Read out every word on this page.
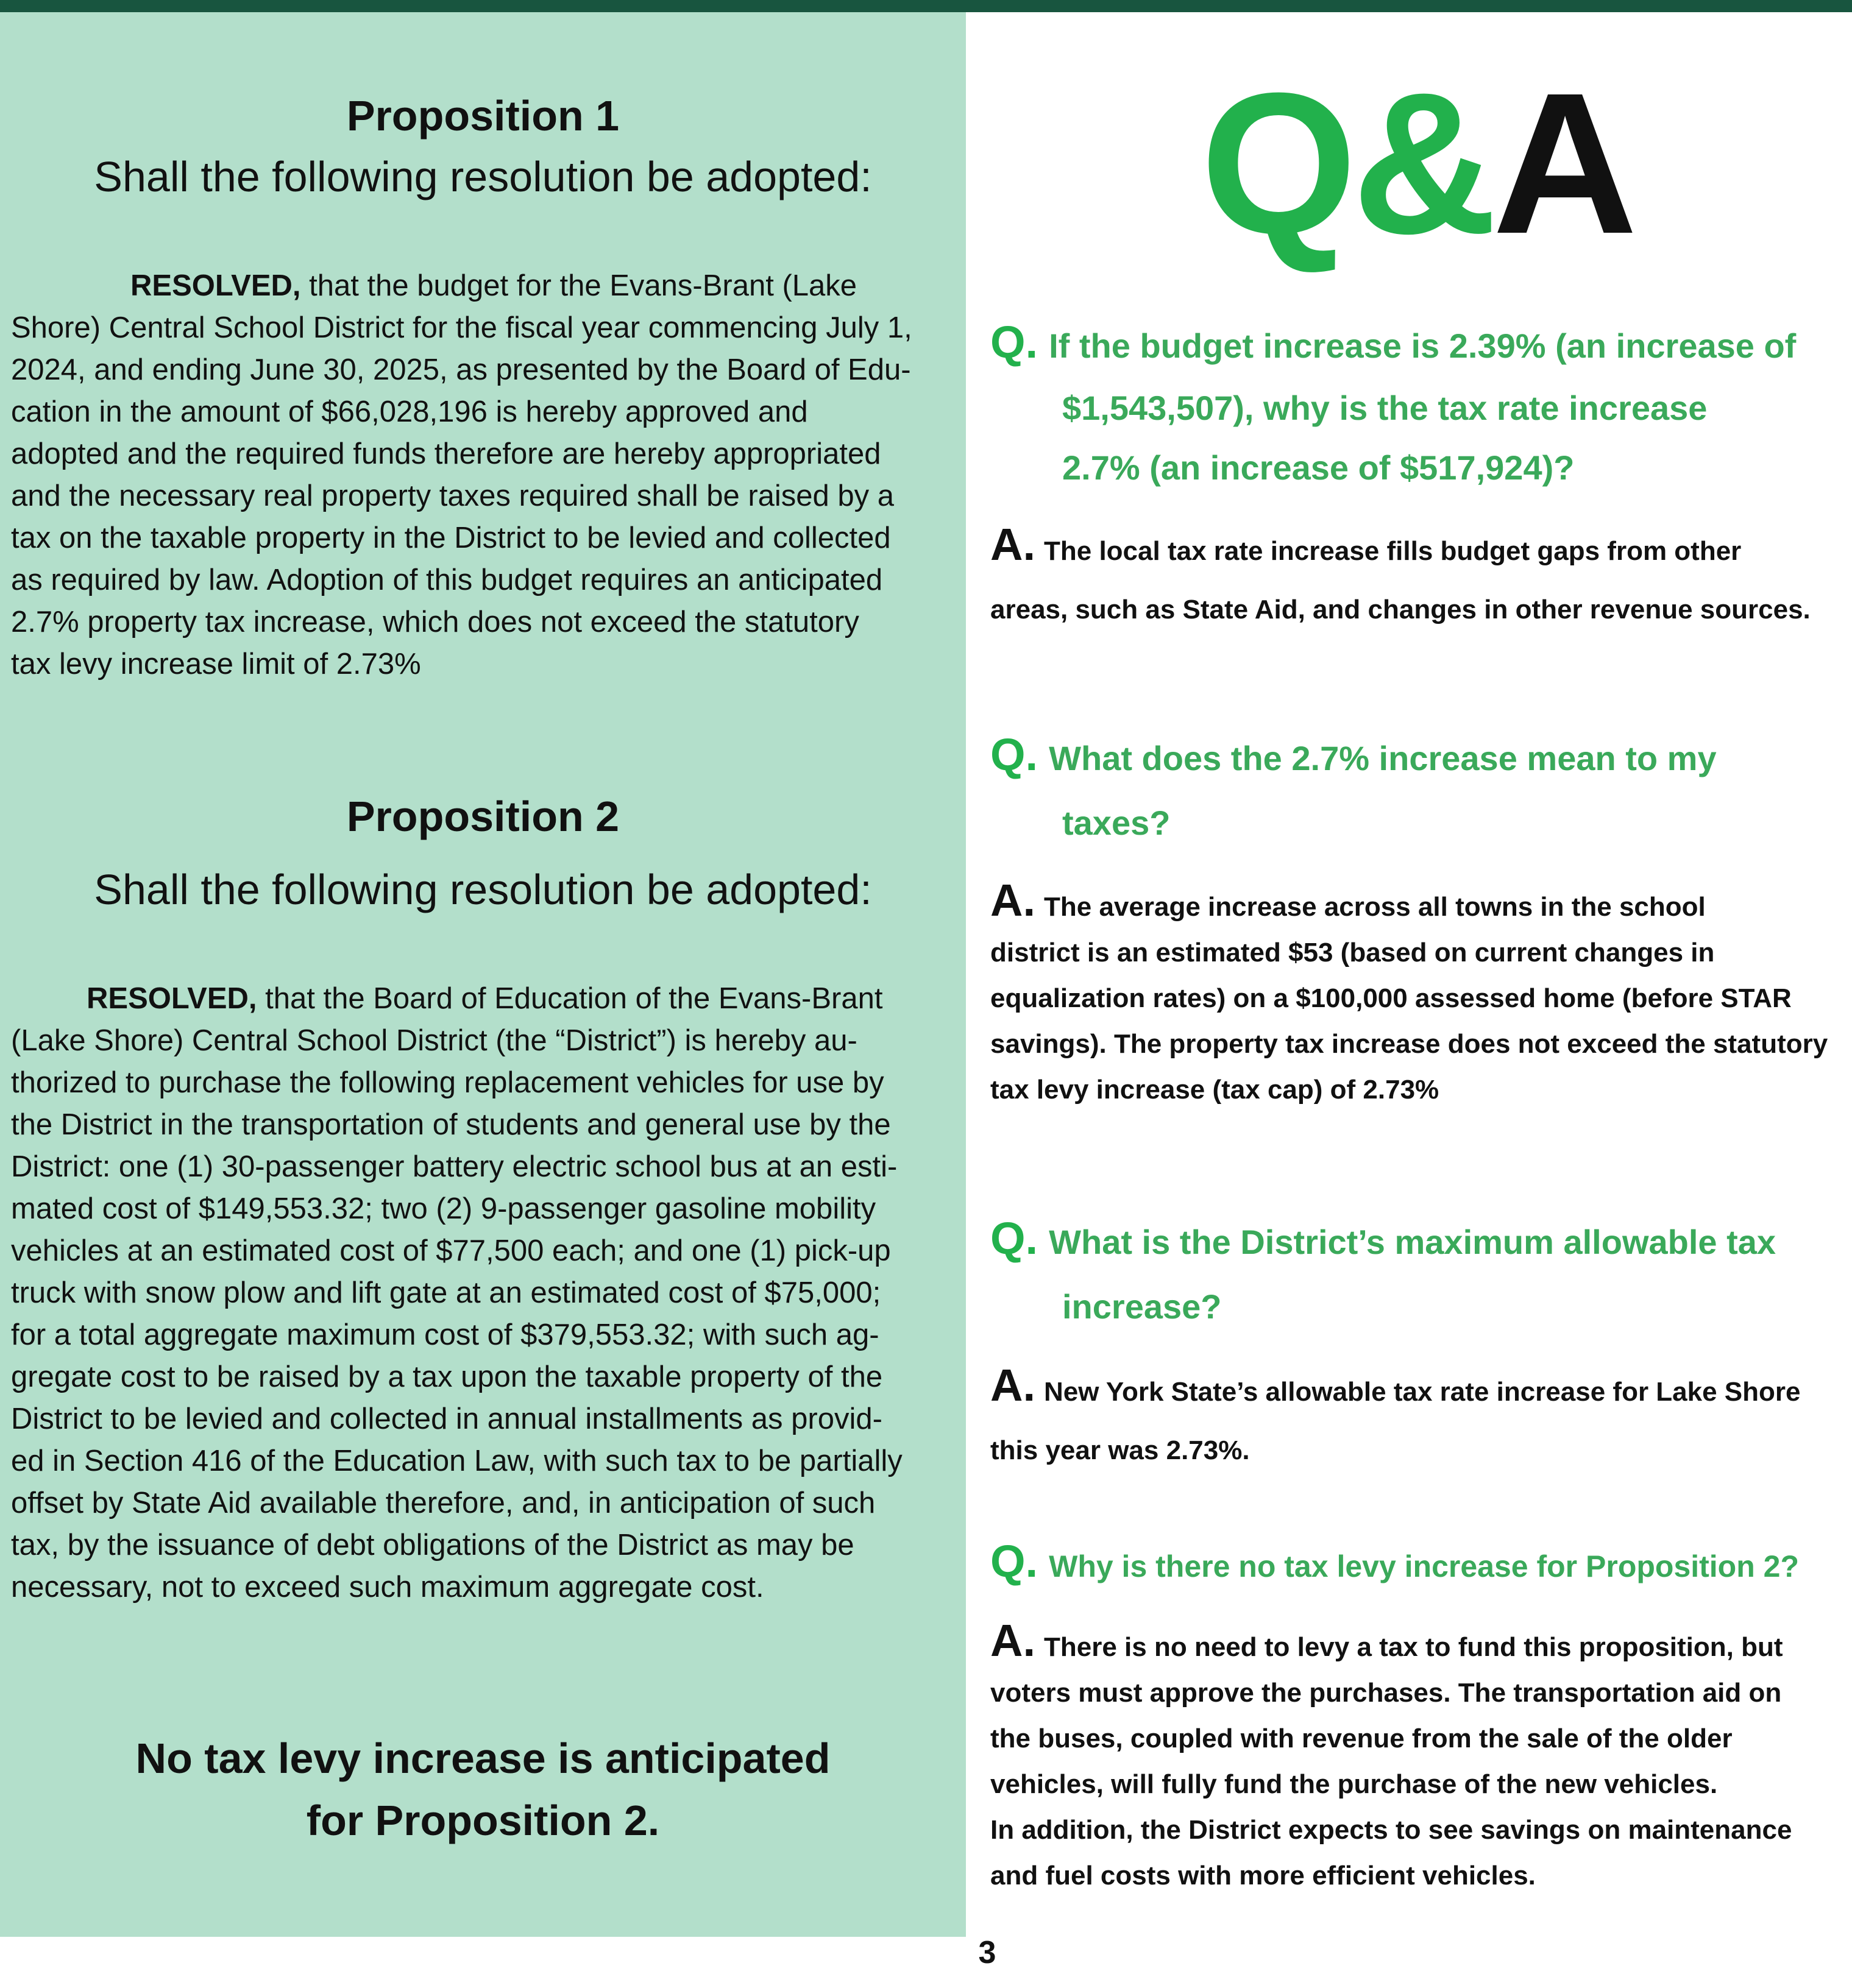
Proposition 1
Shall the following resolution be adopted:
RESOLVED, that the budget for the Evans-Brant (Lake
Shore) Central School District for the fiscal year commencing July 1,
2024, and ending June 30, 2025, as presented by the Board of Edu-
cation in the amount of $66,028,196 is hereby approved and
adopted and the required funds therefore are hereby appropriated
and the necessary real property taxes required shall be raised by a
tax on the taxable property in the District to be levied and collected
as required by law. Adoption of this budget requires an anticipated
2.7% property tax increase, which does not exceed the statutory
tax levy increase limit of 2.73%
Proposition 2
Shall the following resolution be adopted:
RESOLVED, that the Board of Education of the Evans-Brant
(Lake Shore) Central School District (the “District”) is hereby au-
thorized to purchase the following replacement vehicles for use by
the District in the transportation of students and general use by the
District: one (1) 30-passenger battery electric school bus at an esti-
mated cost of $149,553.32; two (2) 9-passenger gasoline mobility
vehicles at an estimated cost of $77,500 each; and one (1) pick-up
truck with snow plow and lift gate at an estimated cost of $75,000;
for a total aggregate maximum cost of $379,553.32; with such ag-
gregate cost to be raised by a tax upon the taxable property of the
District to be levied and collected in annual installments as provid-
ed in Section 416 of the Education Law, with such tax to be partially
offset by State Aid available therefore, and, in anticipation of such
tax, by the issuance of debt obligations of the District as may be
necessary, not to exceed such maximum aggregate cost.
No tax levy increase is anticipated
for Proposition 2.
Q&A
Q. If the budget increase is 2.39% (an increase of
$1,543,507), why is the tax rate increase
2.7% (an increase of $517,924)?
A. The local tax rate increase fills budget gaps from other
areas, such as State Aid, and changes in other revenue sources.
Q. What does the 2.7% increase mean to my
taxes?
A. The average increase across all towns in the school
district is an estimated $53 (based on current changes in
equalization rates) on a $100,000 assessed home (before STAR
savings). The property tax increase does not exceed the statutory
tax levy increase (tax cap) of 2.73%
Q. What is the District’s maximum allowable tax
increase?
A. New York State’s allowable tax rate increase for Lake Shore
this year was 2.73%.
Q. Why is there no tax levy increase for Proposition 2?
A. There is no need to levy a tax to fund this proposition, but
voters must approve the purchases. The transportation aid on
the buses, coupled with revenue from the sale of the older
vehicles, will fully fund the purchase of the new vehicles.
In addition, the District expects to see savings on maintenance
and fuel costs with more efficient vehicles.
3
